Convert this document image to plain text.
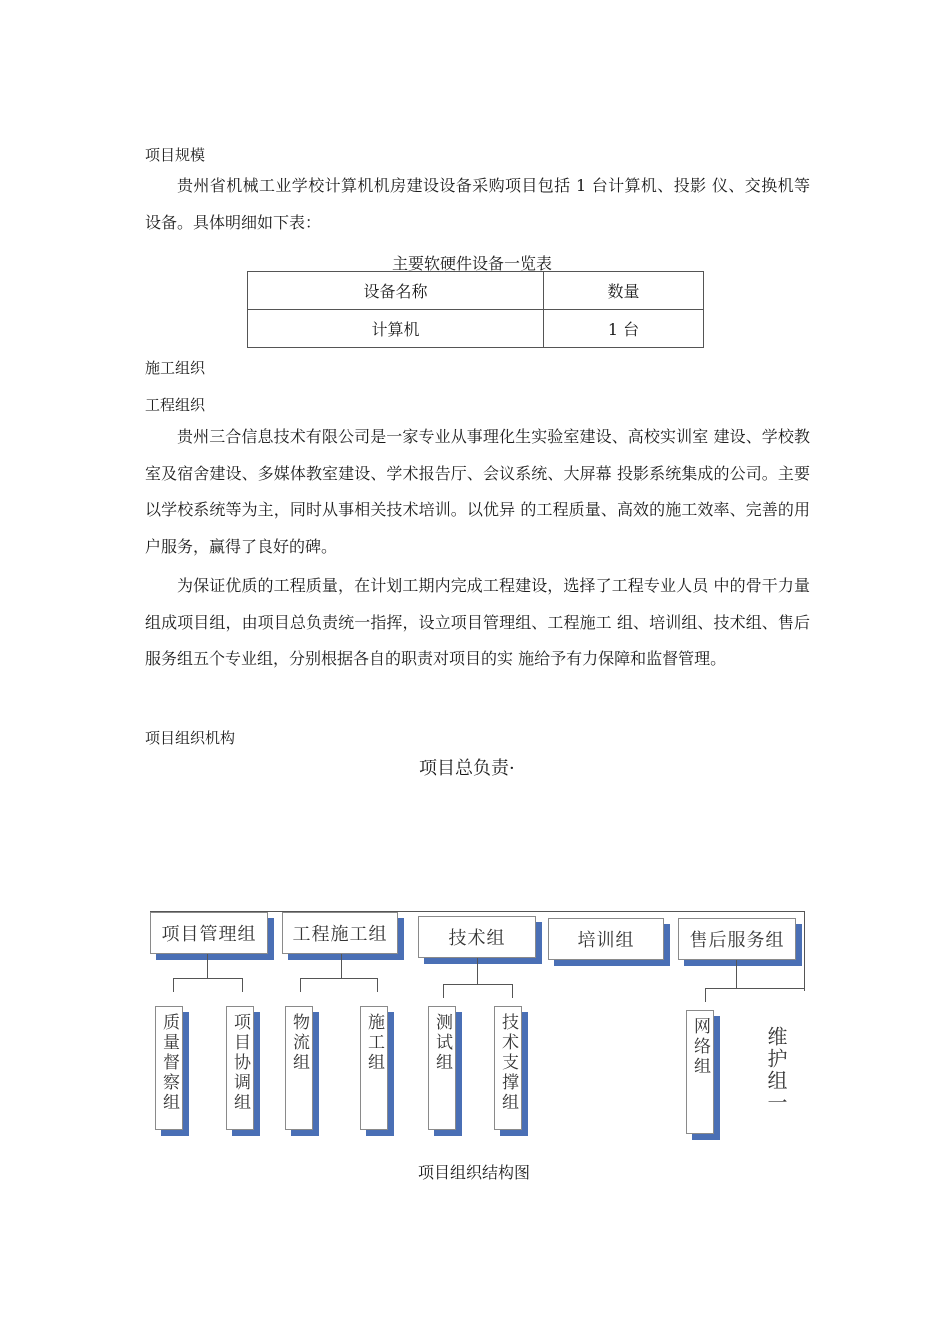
项目规模
贵州省机械工业学校计算机机房建设设备采购项目包括 1 台计算机、投影 仪、交换机等设备。具体明细如下表：
主要软硬件设备一览表
设备名称	数量
计算机	1 台
施工组织
工程组织
贵州三合信息技术有限公司是一家专业从事理化生实验室建设、高校实训室 建设、学校教室及宿舍建设、多媒体教室建设、学术报告厅、会议系统、大屏幕 投影系统集成的公司。主要以学校系统等为主，同时从事相关技术培训。以优异 的工程质量、高效的施工效率、完善的用户服务，赢得了良好的碑。
为保证优质的工程质量，在计划工期内完成工程建设，选择了工程专业人员 中的骨干力量组成项目组，由项目总负责统一指挥，设立项目管理组、工程施工 组、培训组、技术组、售后服务组五个专业组，分别根据各自的职责对项目的实 施给予有力保障和监督管理。
项目组织机构
项目总负责·
项目管理组	工程施工组	技术组	培训组	售后服务组
质量督察组	项目协调组 物流组	施工组	测试组	技术支撑组	网络组	维护组一
项目组织结构图
